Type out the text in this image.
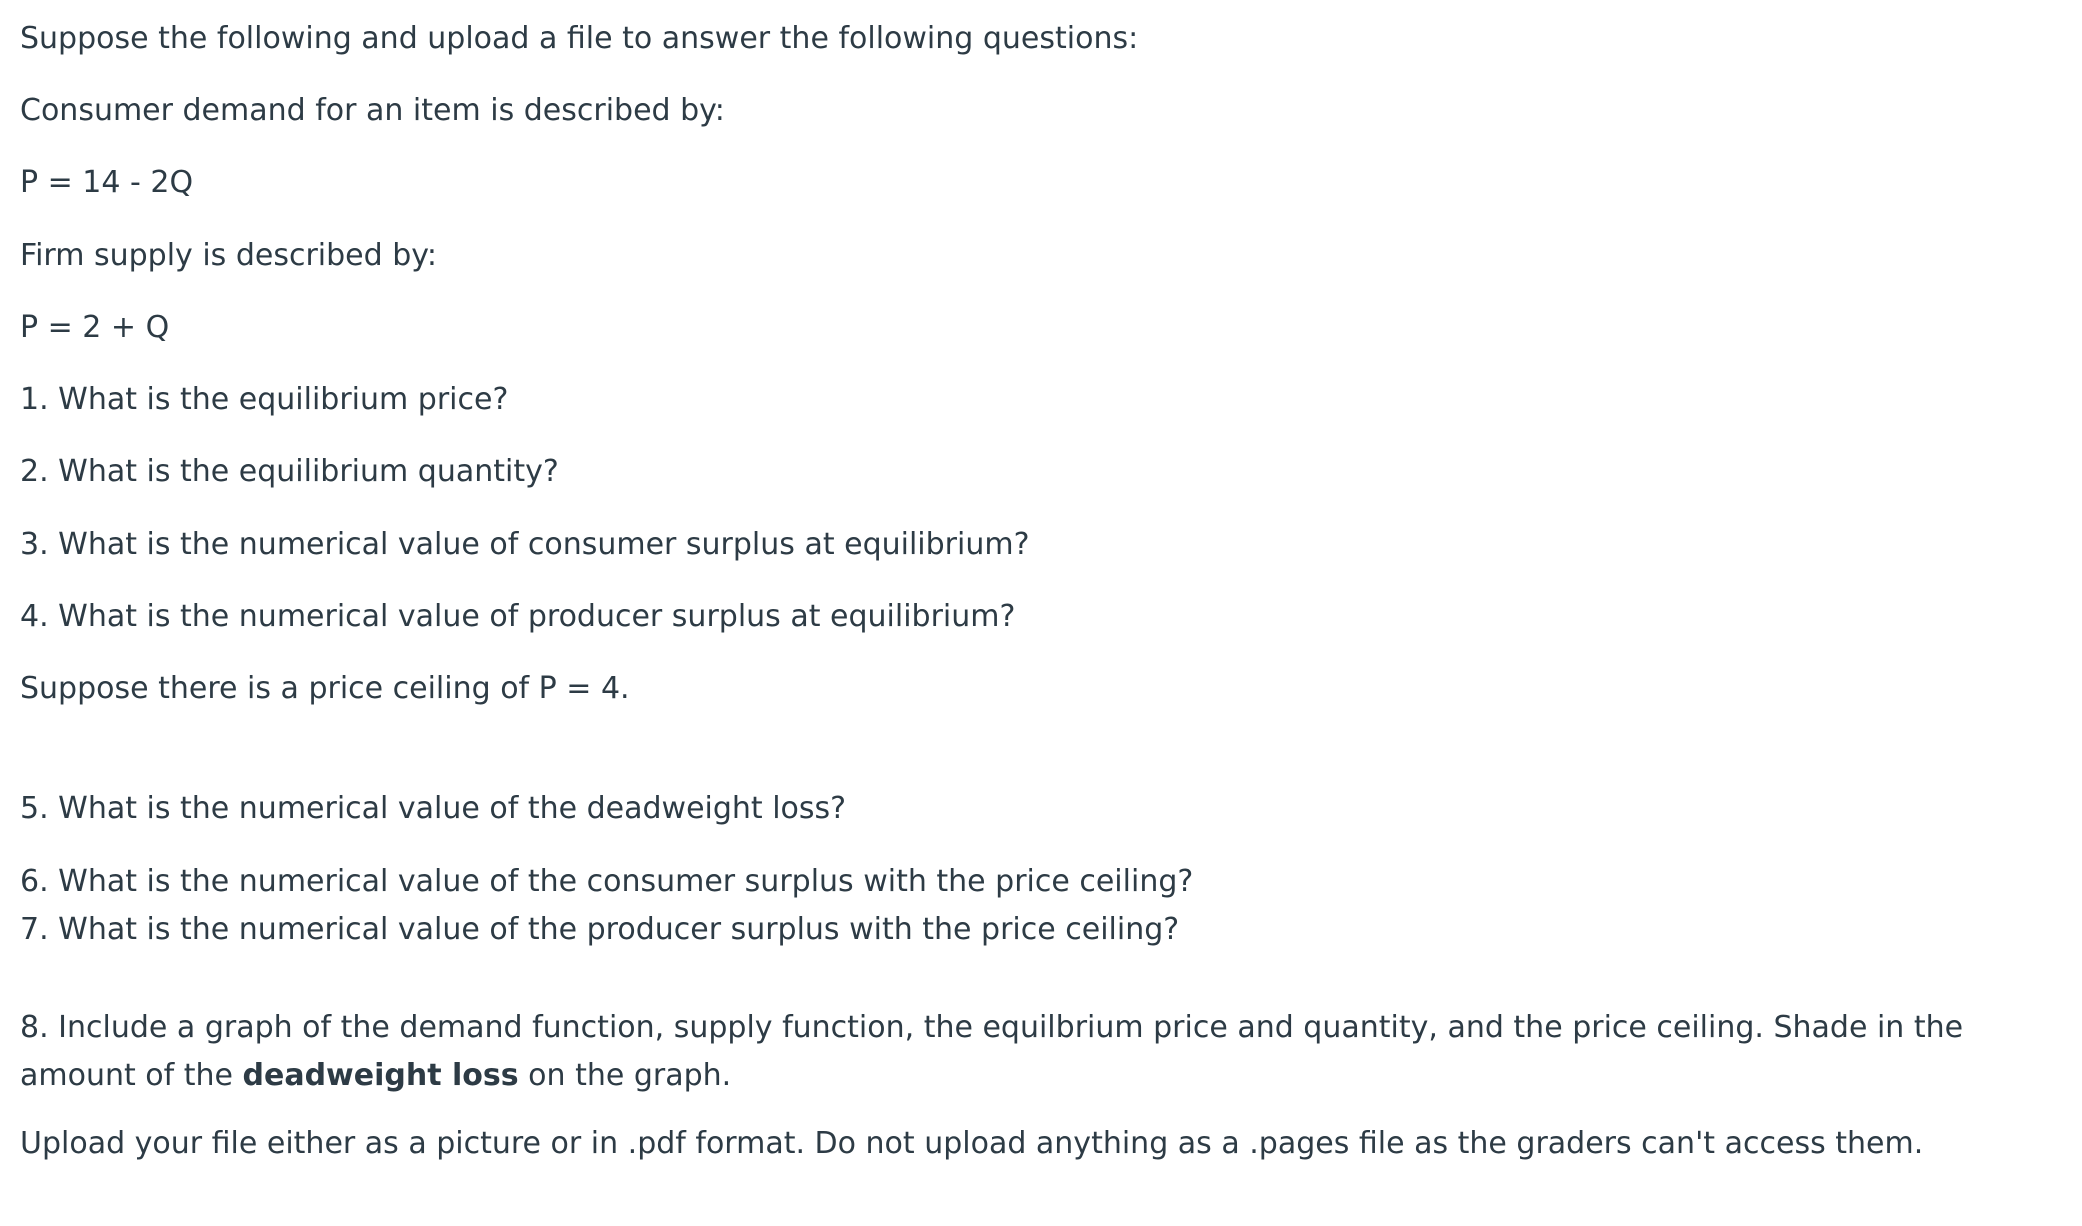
Suppose the following and upload a file to answer the following questions:

Consumer demand for an item is described by:

P = 14 - 2Q

Firm supply is described by:

P = 2 + Q

1. What is the equilibrium price?

2. What is the equilibrium quantity?

3. What is the numerical value of consumer surplus at equilibrium?

4. What is the numerical value of producer surplus at equilibrium?

Suppose there is a price ceiling of P = 4.

5. What is the numerical value of the deadweight loss?

6. What is the numerical value of the consumer surplus with the price ceiling?

7. What is the numerical value of the producer surplus with the price ceiling?

8. Include a graph of the demand function, supply function, the equilbrium price and quantity, and the price ceiling. Shade in the amount of the deadweight loss on the graph.

Upload your file either as a picture or in .pdf format. Do not upload anything as a .pages file as the graders can't access them.
